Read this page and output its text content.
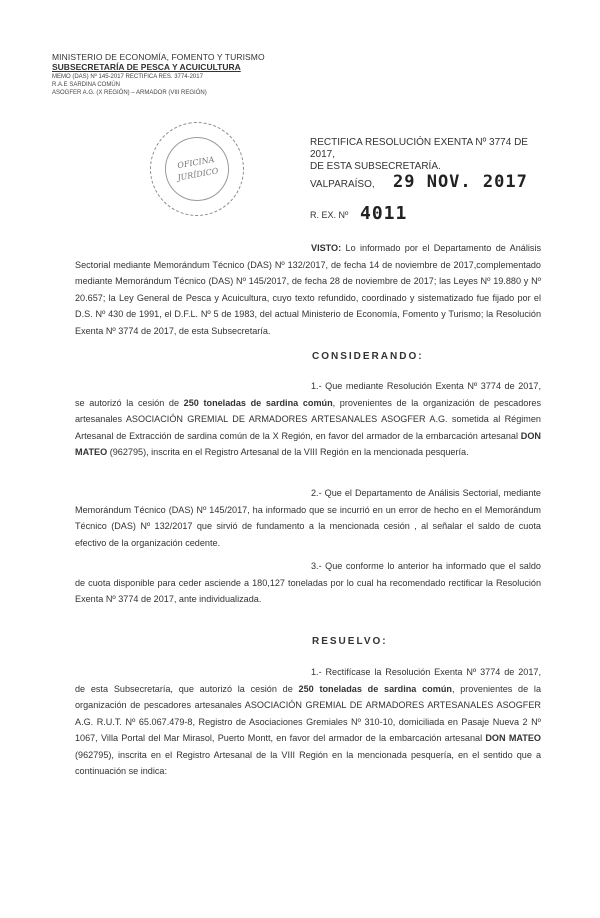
MINISTERIO DE ECONOMÍA, FOMENTO Y TURISMO
SUBSECRETARÍA DE PESCA Y ACUICULTURA
MEMO (DAS) Nº 145-2017 RECTIFICA RES. 3774-2017
R.A.E SARDINA COMÚN
ASOGFER A.G. (X REGIÓN) – ARMADOR (VIII REGIÓN)
OFICINA
JURÍDICO
RECTIFICA RESOLUCIÓN EXENTA Nº 3774 DE 2017,
DE ESTA SUBSECRETARÍA.
VALPARAÍSO, 29 NOV. 2017
R. EX. Nº 4011
VISTO: Lo informado por el Departamento de Análisis Sectorial mediante Memorándum Técnico (DAS) Nº 132/2017, de fecha 14 de noviembre de 2017,complementado mediante Memorándum Técnico (DAS) Nº 145/2017, de fecha 28 de noviembre de 2017; las Leyes Nº 19.880 y Nº 20.657; la Ley General de Pesca y Acuicultura, cuyo texto refundido, coordinado y sistematizado fue fijado por el D.S. Nº 430 de 1991, el D.F.L. Nº 5 de 1983, del actual Ministerio de Economía, Fomento y Turismo; la Resolución Exenta Nº 3774 de 2017, de esta Subsecretaría.
CONSIDERANDO:
1.- Que mediante Resolución Exenta Nº 3774 de 2017, se autorizó la cesión de 250 toneladas de sardina común, provenientes de la organización de pescadores artesanales ASOCIACIÓN GREMIAL DE ARMADORES ARTESANALES ASOGFER A.G. sometida al Régimen Artesanal de Extracción de sardina común de la X Región, en favor del armador de la embarcación artesanal DON MATEO (962795), inscrita en el Registro Artesanal de la VIII Región en la mencionada pesquería.
2.- Que el Departamento de Análisis Sectorial, mediante Memorándum Técnico (DAS) Nº 145/2017, ha informado que se incurrió en un error de hecho en el Memorándum Técnico (DAS) Nº 132/2017 que sirvió de fundamento a la mencionada cesión , al señalar el saldo de cuota efectivo de la organización cedente.
3.- Que conforme lo anterior ha informado que el saldo de cuota disponible para ceder asciende a 180,127 toneladas por lo cual ha recomendado rectificar la Resolución Exenta Nº 3774 de 2017, ante individualizada.
RESUELVO:
1.- Rectifícase la Resolución Exenta Nº 3774 de 2017, de esta Subsecretaría, que autorizó la cesión de 250 toneladas de sardina común, provenientes de la organización de pescadores artesanales ASOCIACIÓN GREMIAL DE ARMADORES ARTESANALES ASOGFER A.G. R.U.T. Nº 65.067.479-8, Registro de Asociaciones Gremiales Nº 310-10, domiciliada en Pasaje Nueva 2 Nº 1067, Villa Portal del Mar Mirasol, Puerto Montt, en favor del armador de la embarcación artesanal DON MATEO (962795), inscrita en el Registro Artesanal de la VIII Región en la mencionada pesquería, en el sentido que a continuación se indica:
